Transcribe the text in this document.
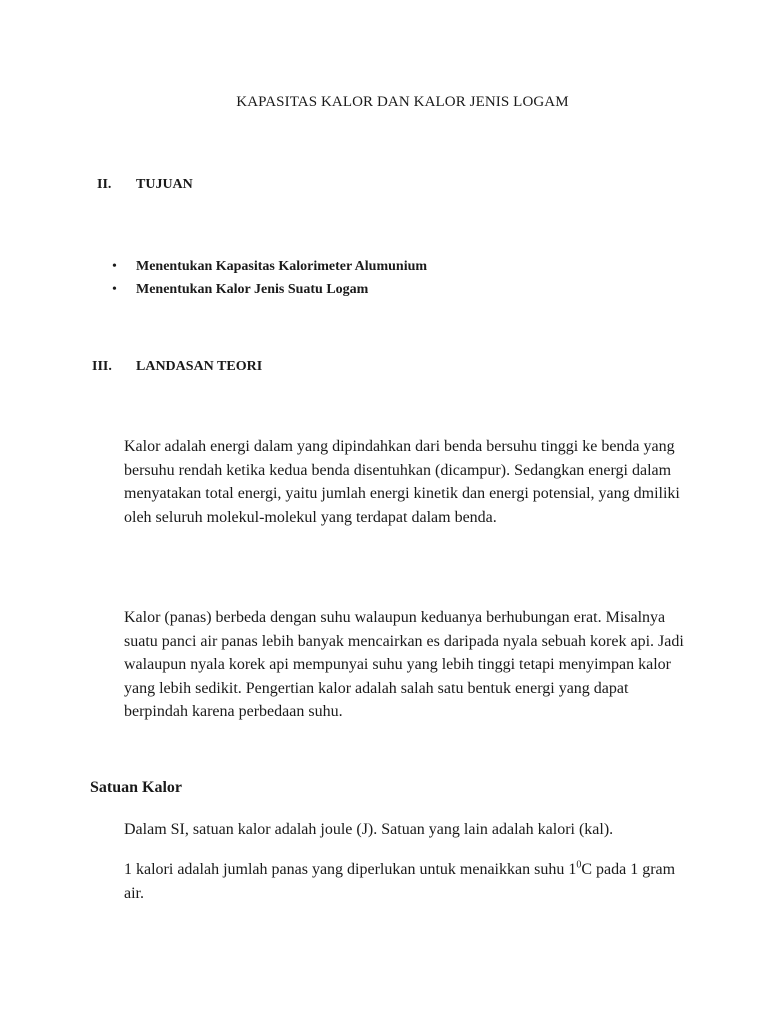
KAPASITAS KALOR DAN KALOR JENIS LOGAM
II. TUJUAN
• Menentukan Kapasitas Kalorimeter Alumunium
• Menentukan Kalor Jenis Suatu Logam
III. LANDASAN TEORI

Kalor adalah energi dalam yang dipindahkan dari benda bersuhu tinggi ke benda yang bersuhu rendah ketika kedua benda disentuhkan (dicampur). Sedangkan energi dalam menyatakan total energi, yaitu jumlah energi kinetik dan energi potensial, yang dmiliki oleh seluruh molekul-molekul yang terdapat dalam benda.

Kalor (panas) berbeda dengan suhu walaupun keduanya berhubungan erat. Misalnya suatu panci air panas lebih banyak mencairkan es daripada nyala sebuah korek api. Jadi walaupun nyala korek api mempunyai suhu yang lebih tinggi tetapi menyimpan kalor yang lebih sedikit. Pengertian kalor adalah salah satu bentuk energi yang dapat berpindah karena perbedaan suhu.

Satuan Kalor

Dalam SI, satuan kalor adalah joule (J). Satuan yang lain adalah kalori (kal).

1 kalori adalah jumlah panas yang diperlukan untuk menaikkan suhu $1^0C$ pada 1 gram air.
